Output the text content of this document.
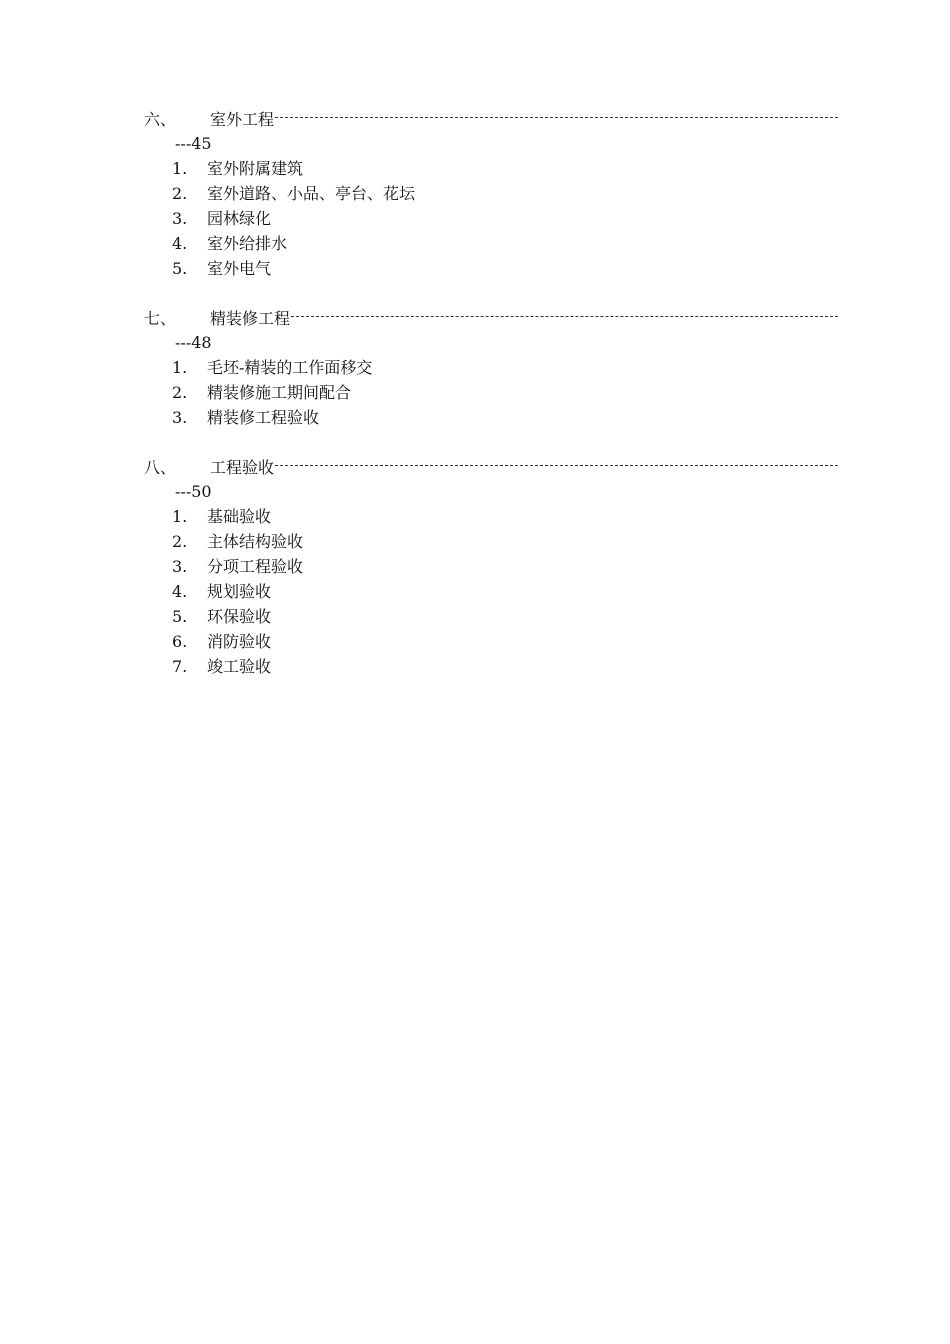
六、	室外工程
---45
1. 室外附属建筑
2. 室外道路、小品、亭台、花坛
3. 园林绿化
4. 室外给排水
5. 室外电气
七、	精装修工程
---48
1. 毛坯-精装的工作面移交
2. 精装修施工期间配合
3. 精装修工程验收
八、	工程验收
---50
1. 基础验收
2. 主体结构验收
3. 分项工程验收
4. 规划验收
5. 环保验收
6. 消防验收
7. 竣工验收
